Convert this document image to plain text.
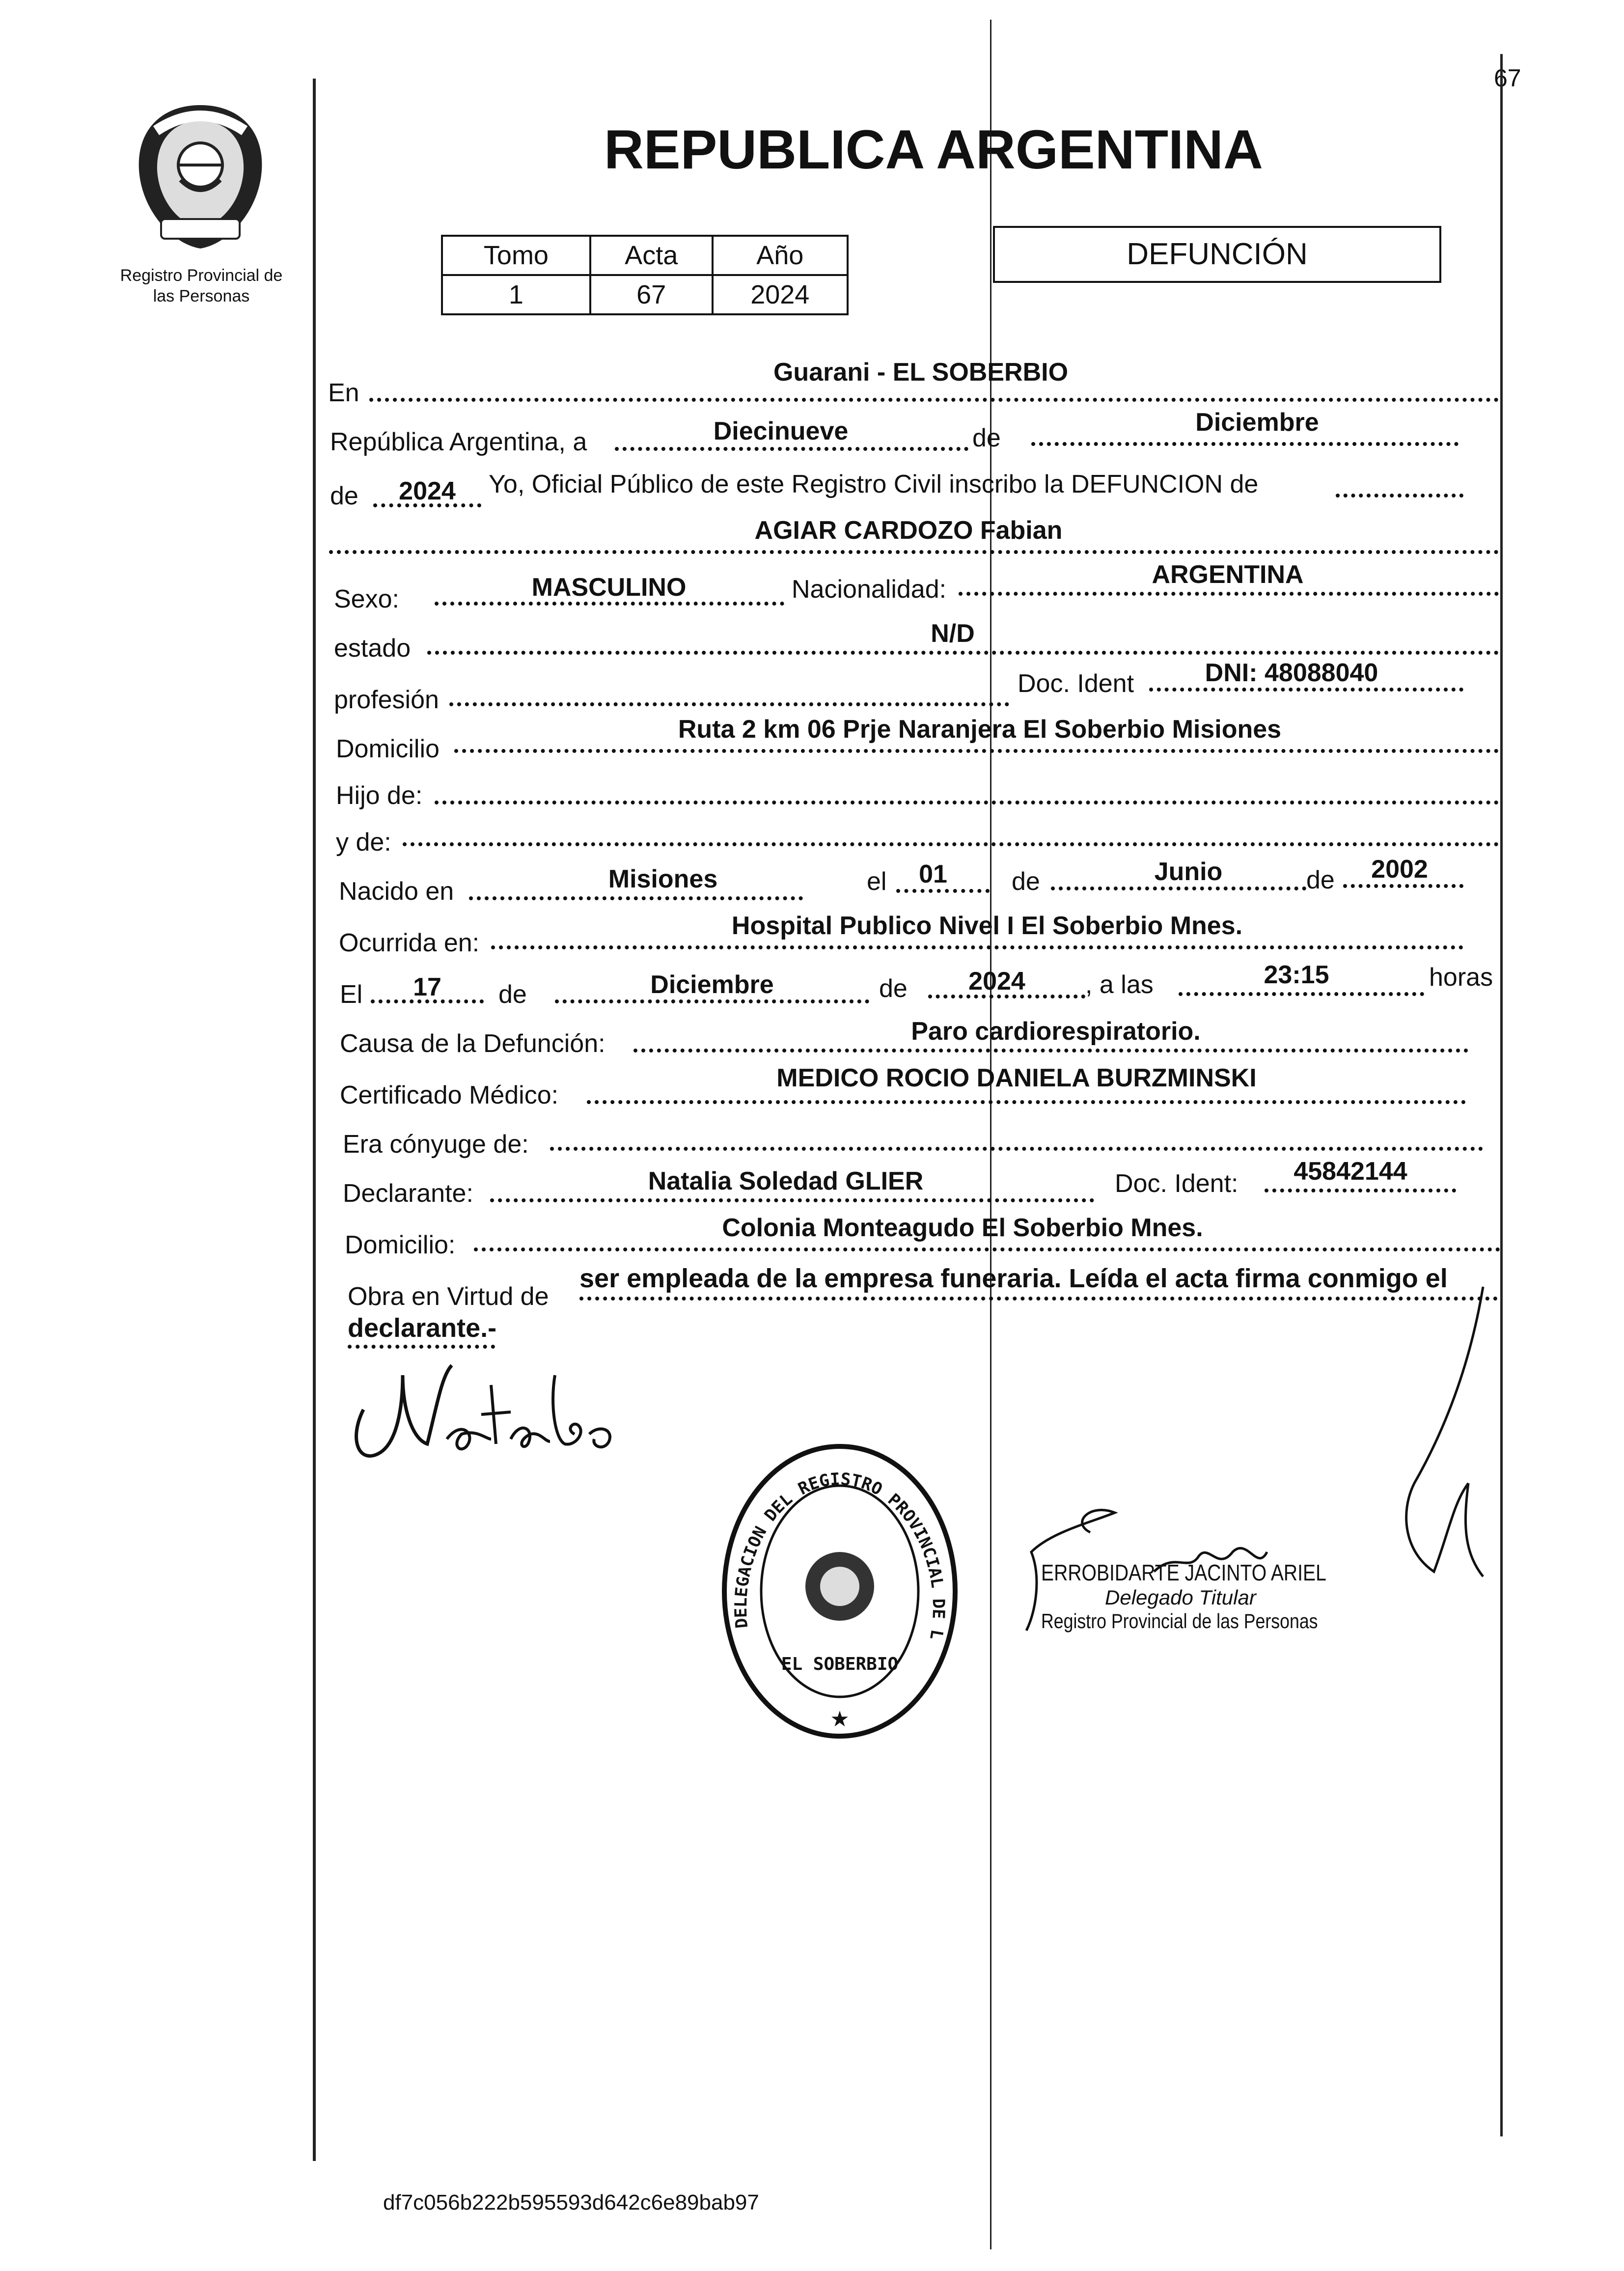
67
Registro Provincial de
las Personas
REPUBLICA ARGENTINA
Tomo	Acta	Año
1	67	2024
DEFUNCIÓN
En
Guarani - EL SOBERBIO
República Argentina, a	Diecinueve	de
Diciembre
de	2024	Yo, Oficial Público de este Registro Civil inscribo la DEFUNCION de
AGIAR CARDOZO Fabian
Sexo:	MASCULINO	Nacionalidad:
ARGENTINA
estado
N/D
profesión
Doc. Ident	DNI: 48088040
Domicilio
Ruta 2 km 06 Prje Naranjera El Soberbio Misiones
Hijo de:
y de:
Nacido en	Misiones	el	01	de	Junio	de	2002
Ocurrida en:
Hospital Publico Nivel I El Soberbio Mnes.
El	17	de	Diciembre	de	2024	, a las	23:15	horas
Causa de la Defunción:	Paro cardiorespiratorio.
Certificado Médico:
MEDICO ROCIO DANIELA BURZMINSKI
Era cónyuge de:
Declarante:	Natalia Soledad GLIER	Doc. Ident:	45842144
Domicilio:
Colonia Monteagudo El Soberbio Mnes.
Obra en Virtud de
ser empleada de la empresa funeraria. Leída el acta firma conmigo el
declarante.-
★
DELEGACION DEL REGISTRO PROVINCIAL DE L
EL SOBERBIO
ERROBIDARTE JACINTO ARIEL
Delegado Titular
Registro Provincial de las Personas
df7c056b222b595593d642c6e89bab97
